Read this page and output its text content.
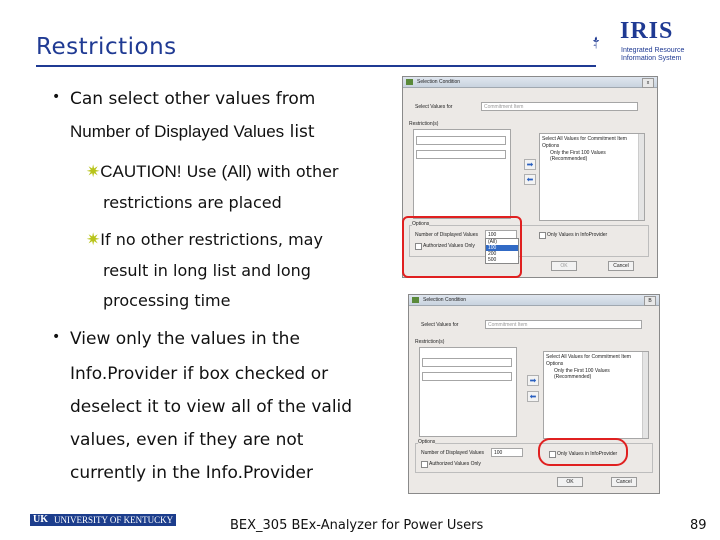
Restrictions
IRIS
Integrated Resource Information System
• Can select other values from
Number of Displayed Values list
✷CAUTION! Use (All) with other
restrictions are placed
✷If no other restrictions, may
result in long list and long
processing time
• View only the values in the
Info.Provider if box checked or
deselect it to view all of the valid
values, even if they are not
currently in the Info.Provider
Selection Condition	x
Select Values for	Commitment Item
Restriction(s)
➡
⬅
Select All Values for Commitment Item
Options
Only the First 100 Values (Recommended)
Options
Number of Displayed Values 100
(All)
100
200
500
Authorized Values Only
Only Values in InfoProvider
OK	Cancel
Selection Condition	B
Select Values for	Commitment Item
Restriction(s)
➡
⬅
Select All Values for Commitment Item
Options
Only the First 100 Values (Recommended)
Options
Number of Displayed Values 100
Authorized Values Only
Only Values in InfoProvider
OK	Cancel
UK UNIVERSITY OF KENTUCKY	BEX_305 BEx-Analyzer for Power Users	89
